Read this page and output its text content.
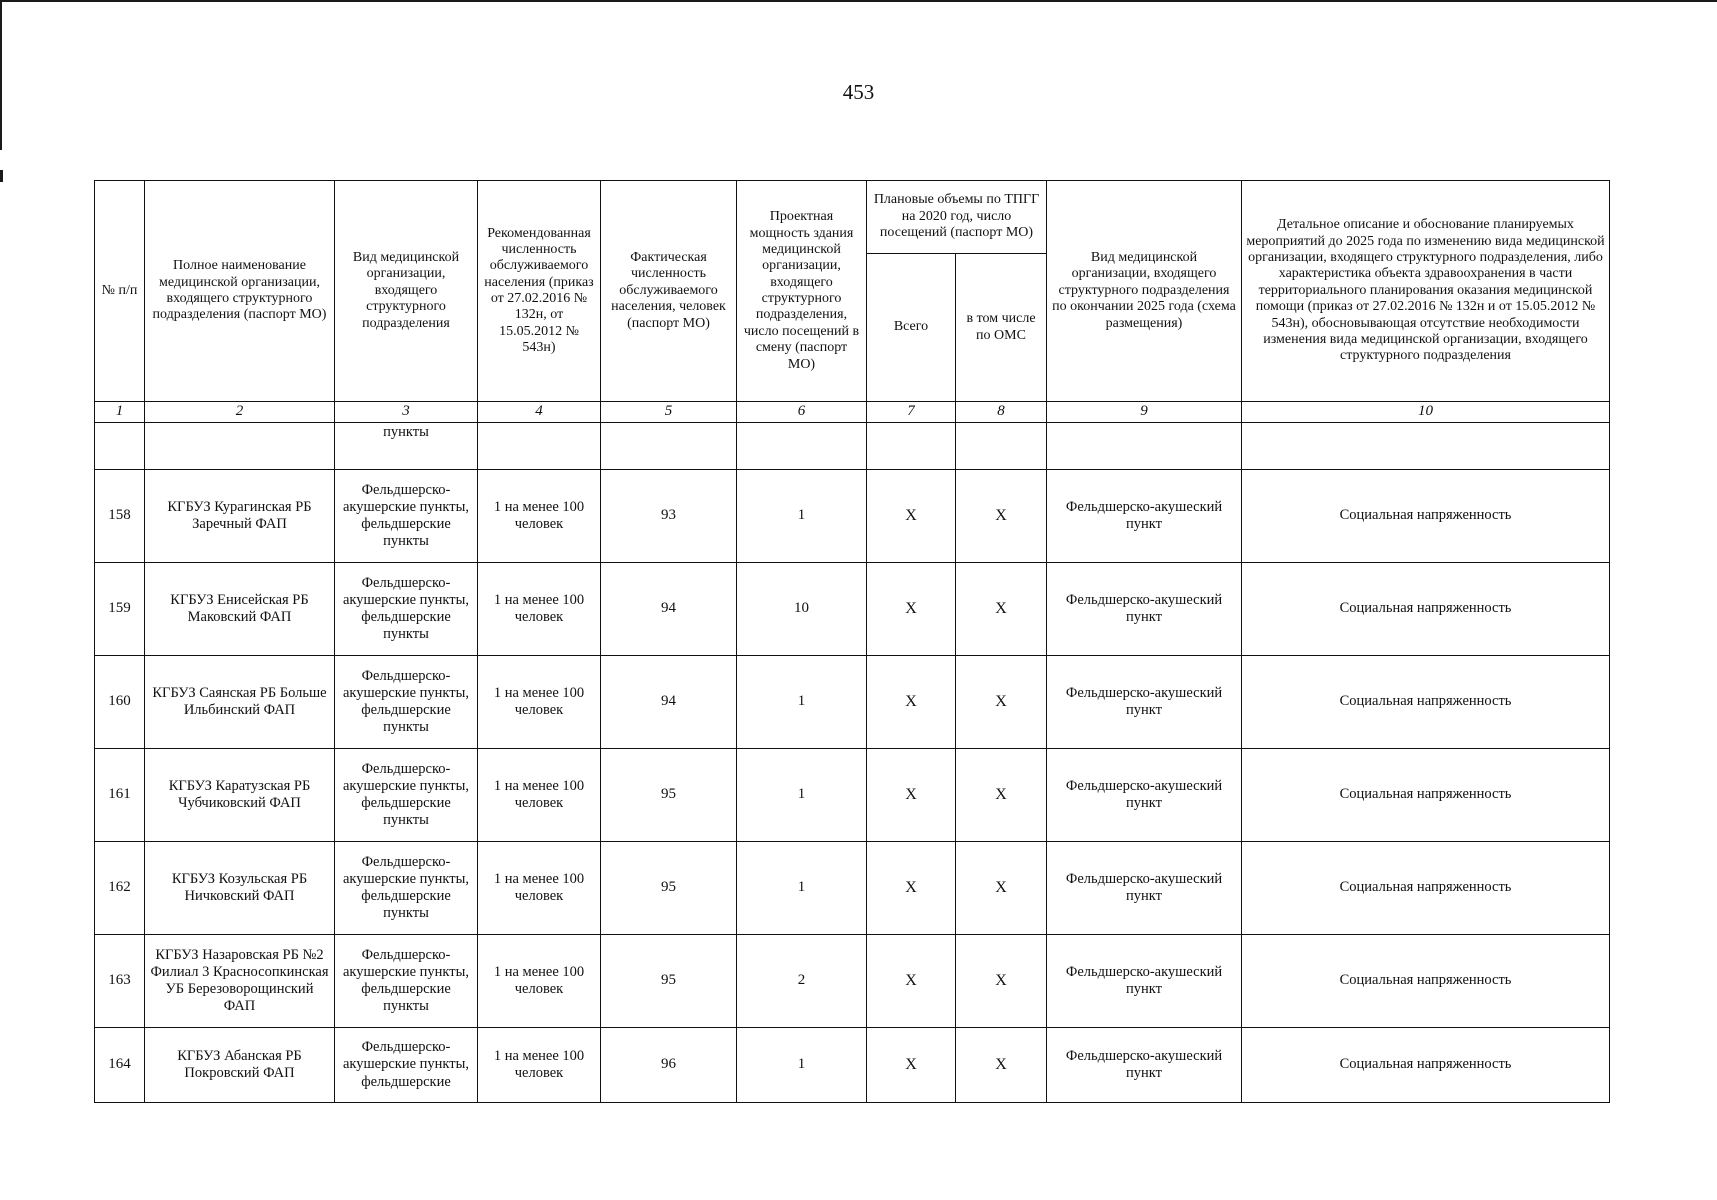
453
№ п/п	Полное наименование медицинской организации, входящего структурного подразделения (паспорт МО)	Вид медицинской организации, входящего структурного подразделения	Рекомендованная численность обслуживаемого населения (приказ от 27.02.2016 № 132н, от 15.05.2012 № 543н)	Фактическая численность обслуживаемого населения, человек (паспорт МО)	Проектная мощность здания медицинской организации, входящего структурного подразделения, число посещений в смену (паспорт МО)	Плановые объемы по ТПГГ на 2020 год, число посещений (паспорт МО)		Вид медицинской организации, входящего структурного подразделения по окончании 2025 года (схема размещения)	Детальное описание и обоснование планируемых мероприятий до 2025 года по изменению вида медицинской организации, входящего структурного подразделения, либо характеристика объекта здравоохранения в части территориального планирования оказания медицинской помощи (приказ от 27.02.2016 № 132н и от 15.05.2012 № 543н), обосновывающая отсутствие необходимости изменения вида медицинской организации, входящего структурного подразделения
						Всего	в том числе по ОМС		
1	2	3	4	5	6	7	8	9	10
		пункты							
158	КГБУЗ Курагинская РБ Заречный ФАП	Фельдшерско-акушерские пункты, фельдшерские пункты	1 на менее 100 человек	93	1	Х	Х	Фельдшерско-акушеский пункт	Социальная напряженность
159	КГБУЗ Енисейская РБ Маковский ФАП	Фельдшерско-акушерские пункты, фельдшерские пункты	1 на менее 100 человек	94	10	Х	Х	Фельдшерско-акушеский пункт	Социальная напряженность
160	КГБУЗ Саянская РБ Больше Ильбинский ФАП	Фельдшерско-акушерские пункты, фельдшерские пункты	1 на менее 100 человек	94	1	Х	Х	Фельдшерско-акушеский пункт	Социальная напряженность
161	КГБУЗ Каратузская РБ Чубчиковский ФАП	Фельдшерско-акушерские пункты, фельдшерские пункты	1 на менее 100 человек	95	1	Х	Х	Фельдшерско-акушеский пункт	Социальная напряженность
162	КГБУЗ Козульская РБ Ничковский ФАП	Фельдшерско-акушерские пункты, фельдшерские пункты	1 на менее 100 человек	95	1	Х	Х	Фельдшерско-акушеский пункт	Социальная напряженность
163	КГБУЗ Назаровская РБ №2 Филиал 3 Красносопкинская УБ Березоворощинский ФАП	Фельдшерско-акушерские пункты, фельдшерские пункты	1 на менее 100 человек	95	2	Х	Х	Фельдшерско-акушеский пункт	Социальная напряженность
164	КГБУЗ Абанская РБ Покровский ФАП	Фельдшерско-акушерские пункты, фельдшерские	1 на менее 100 человек	96	1	Х	Х	Фельдшерско-акушеский пункт	Социальная напряженность
